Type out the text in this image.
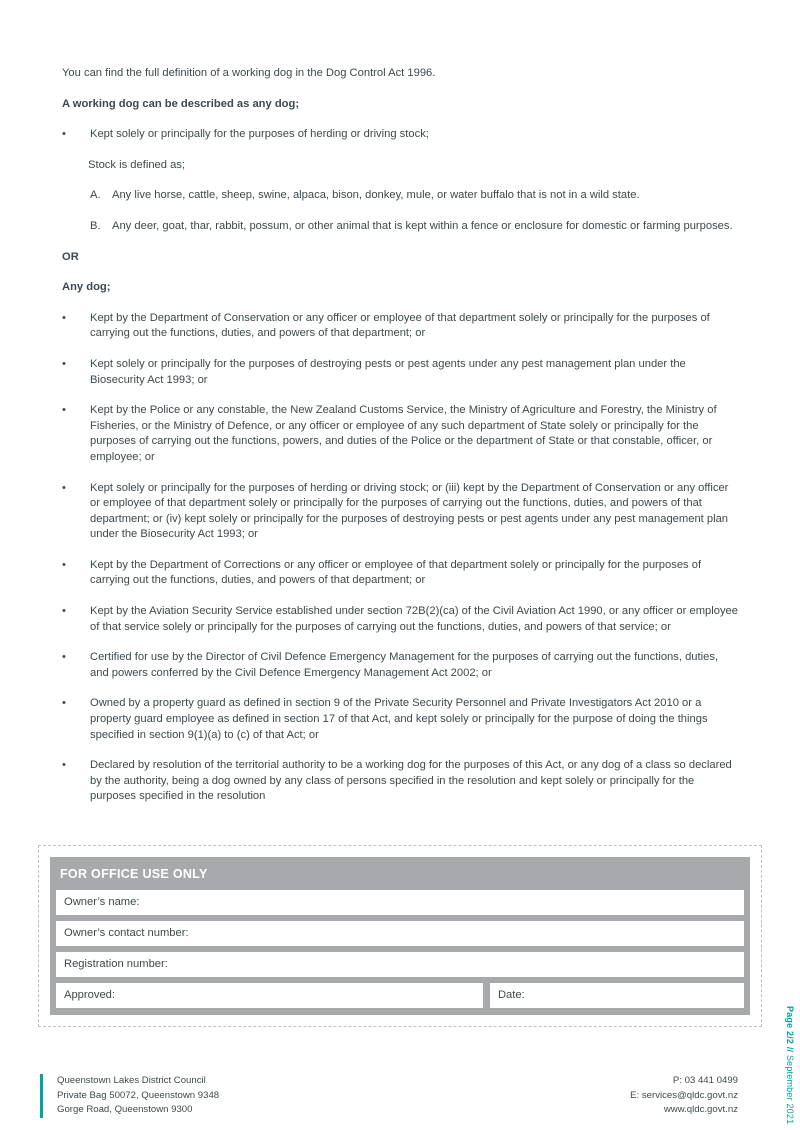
You can find the full definition of a working dog in the Dog Control Act 1996.

A working dog can be described as any dog;

•	Kept solely or principally for the purposes of herding or driving stock;

Stock is defined as;

A.	Any live horse, cattle, sheep, swine, alpaca, bison, donkey, mule, or water buffalo that is not in a wild state.
B.	Any deer, goat, thar, rabbit, possum, or other animal that is kept within a fence or enclosure for domestic or farming purposes.

OR

Any dog;

•	Kept by the Department of Conservation or any officer or employee of that department solely or principally for the purposes of carrying out the functions, duties, and powers of that department; or
•	Kept solely or principally for the purposes of destroying pests or pest agents under any pest management plan under the Biosecurity Act 1993; or
•	Kept by the Police or any constable, the New Zealand Customs Service, the Ministry of Agriculture and Forestry, the Ministry of Fisheries, or the Ministry of Defence, or any officer or employee of any such department of State solely or principally for the purposes of carrying out the functions, powers, and duties of the Police or the department of State or that constable, officer, or employee; or
•	Kept solely or principally for the purposes of herding or driving stock; or (iii) kept by the Department of Conservation or any officer or employee of that department solely or principally for the purposes of carrying out the functions, duties, and powers of that department; or (iv) kept solely or principally for the purposes of destroying pests or pest agents under any pest management plan under the Biosecurity Act 1993; or
•	Kept by the Department of Corrections or any officer or employee of that department solely or principally for the purposes of carrying out the functions, duties, and powers of that department; or
•	Kept by the Aviation Security Service established under section 72B(2)(ca) of the Civil Aviation Act 1990, or any officer or employee of that service solely or principally for the purposes of carrying out the functions, duties, and powers of that service; or
•	Certified for use by the Director of Civil Defence Emergency Management for the purposes of carrying out the functions, duties, and powers conferred by the Civil Defence Emergency Management Act 2002; or
•	Owned by a property guard as defined in section 9 of the Private Security Personnel and Private Investigators Act 2010 or a property guard employee as defined in section 17 of that Act, and kept solely or principally for the purpose of doing the things specified in section 9(1)(a) to (c) of that Act; or
•	Declared by resolution of the territorial authority to be a working dog for the purposes of this Act, or any dog of a class so declared by the authority, being a dog owned by any class of persons specified in the resolution and kept solely or principally for the purposes specified in the resolution
FOR OFFICE USE ONLY
Owner’s name:
Owner’s contact number:
Registration number:
Approved:	Date:
Queenstown Lakes District Council
Private Bag 50072, Queenstown 9348
Gorge Road, Queenstown 9300
P: 03 441 0499
E: services@qldc.govt.nz
www.qldc.govt.nz
Page 2/2 // September 2021
